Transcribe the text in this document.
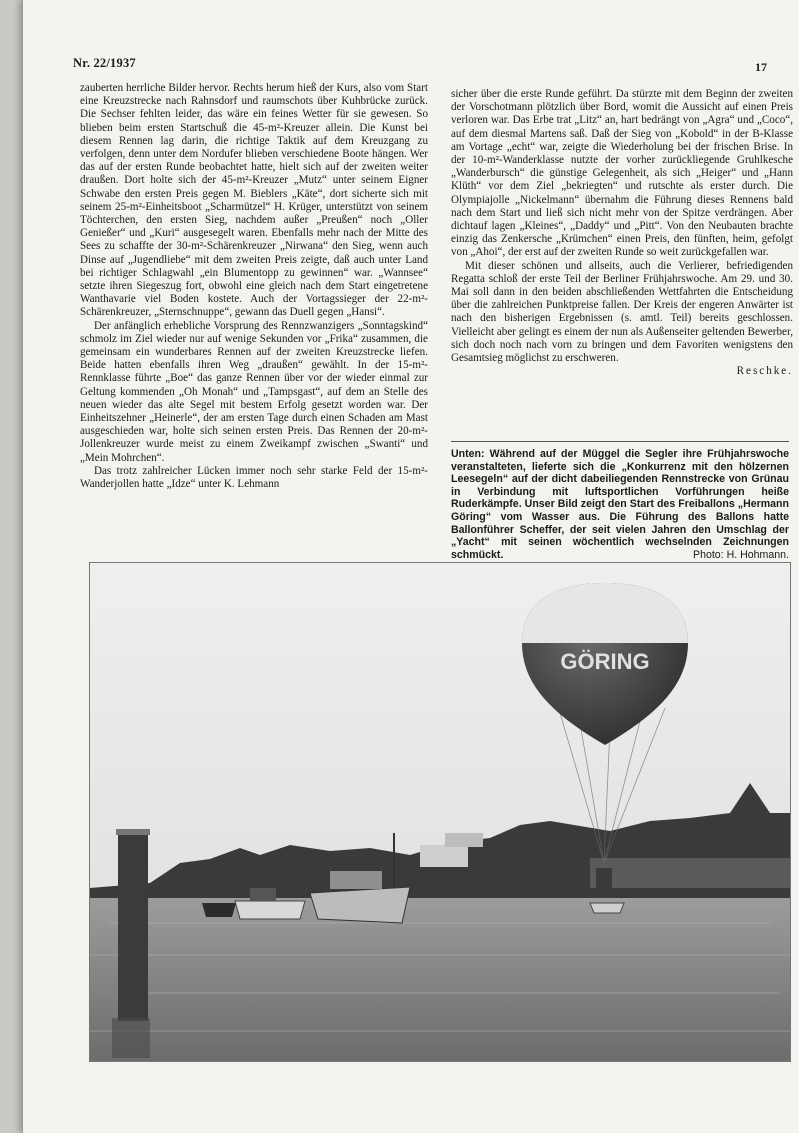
Nr. 22/1937	17

zauberten herrliche Bilder hervor. Rechts herum hieß der Kurs, also vom Start eine Kreuzstrecke nach Rahnsdorf und raumschots über Kuhbrücke zurück. Die Sechser fehlten leider, das wäre ein feines Wetter für sie gewesen. So blieben beim ersten Startschuß die 45-m²-Kreuzer allein. Die Kunst bei diesem Rennen lag darin, die richtige Taktik auf dem Kreuzgang zu verfolgen, denn unter dem Nordufer blieben verschiedene Boote hängen. Wer das auf der ersten Runde beobachtet hatte, hielt sich auf der zweiten weiter draußen. Dort holte sich der 45-m²-Kreuzer „Mutz“ unter seinem Eigner Schwabe den ersten Preis gegen M. Bieblers „Käte“, dort sicherte sich mit seinem 25-m²-Einheitsboot „Scharmützel“ H. Krüger, unterstützt von seinem Töchterchen, den ersten Sieg, nachdem außer „Preußen“ noch „Oller Genießer“ und „Kuri“ ausgesegelt waren. Ebenfalls mehr nach der Mitte des Sees zu schaffte der 30-m²-Schärenkreuzer „Nirwana“ den Sieg, wenn auch Dinse auf „Jugendliebe“ mit dem zweiten Preis zeigte, daß auch unter Land bei richtiger Schlagwahl „ein Blumentopp zu gewinnen“ war. „Wannsee“ setzte ihren Siegeszug fort, obwohl eine gleich nach dem Start eingetretene Wanthavarie viel Boden kostete. Auch der Vortagssieger der 22-m²-Schärenkreuzer, „Sternschnuppe“, gewann das Duell gegen „Hansi“.

Der anfänglich erhebliche Vorsprung des Rennzwanzigers „Sonntagskind“ schmolz im Ziel wieder nur auf wenige Sekunden vor „Frika“ zusammen, die gemeinsam ein wunderbares Rennen auf der zweiten Kreuzstrecke liefen. Beide hatten ebenfalls ihren Weg „draußen“ gewählt. In der 15-m²-Rennklasse führte „Boe“ das ganze Rennen über vor der wieder einmal zur Geltung kommenden „Oh Monah“ und „Tampsgast“, auf dem an Stelle des neuen wieder das alte Segel mit bestem Erfolg gesetzt worden war. Der Einheitszehner „Heinerle“, der am ersten Tage durch einen Schaden am Mast ausgeschieden war, holte sich seinen ersten Preis. Das Rennen der 20-m²-Jollenkreuzer wurde meist zu einem Zweikampf zwischen „Swanti“ und „Mein Mohrchen“.

Das trotz zahlreicher Lücken immer noch sehr starke Feld der 15-m²-Wanderjollen hatte „Idze“ unter K. Lehmann

sicher über die erste Runde geführt. Da stürzte mit dem Beginn der zweiten der Vorschotmann plötzlich über Bord, womit die Aussicht auf einen Preis verloren war. Das Erbe trat „Litz“ an, hart bedrängt von „Agra“ und „Coco“, auf dem diesmal Martens saß. Daß der Sieg von „Kobold“ in der B-Klasse am Vortage „echt“ war, zeigte die Wiederholung bei der frischen Brise. In der 10-m²-Wanderklasse nutzte der vorher zurückliegende Gruhlkesche „Wanderbursch“ die günstige Gelegenheit, als sich „Heiger“ und „Hann Klüth“ vor dem Ziel „bekriegten“ und rutschte als erster durch. Die Olympiajolle „Nickelmann“ übernahm die Führung dieses Rennens bald nach dem Start und ließ sich nicht mehr von der Spitze verdrängen. Aber dichtauf lagen „Kleines“, „Daddy“ und „Pitt“. Von den Neubauten brachte einzig das Zenkersche „Krümchen“ einen Preis, den fünften, heim, gefolgt von „Ahoi“, der erst auf der zweiten Runde so weit zurückgefallen war.

Mit dieser schönen und allseits, auch die Verlierer, befriedigenden Regatta schloß der erste Teil der Berliner Frühjahrswoche. Am 29. und 30. Mai soll dann in den beiden abschließenden Wettfahrten die Entscheidung über die zahlreichen Punktpreise fallen. Der Kreis der engeren Anwärter ist nach den bisherigen Ergebnissen (s. amtl. Teil) bereits geschlossen. Vielleicht aber gelingt es einem der nun als Außenseiter geltenden Bewerber, sich doch noch nach vorn zu bringen und dem Favoriten wenigstens den Gesamtsieg möglichst zu erschweren.

Reschke.
Unten: Während auf der Müggel die Segler ihre Frühjahrswoche veranstalteten, lieferte sich die „Konkurrenz mit den hölzernen Leesegeln“ auf der dicht dabeiliegenden Rennstrecke von Grünau in Verbindung mit luftsportlichen Vorführungen heiße Ruderkämpfe. Unser Bild zeigt den Start des Freiballons „Hermann Göring“ vom Wasser aus. Die Führung des Ballons hatte Ballonführer Scheffer, der seit vielen Jahren den Umschlag der „Yacht“ mit seinen wöchentlich wechselnden Zeichnungen schmückt.	Photo: H. Hohmann.
GÖRING
